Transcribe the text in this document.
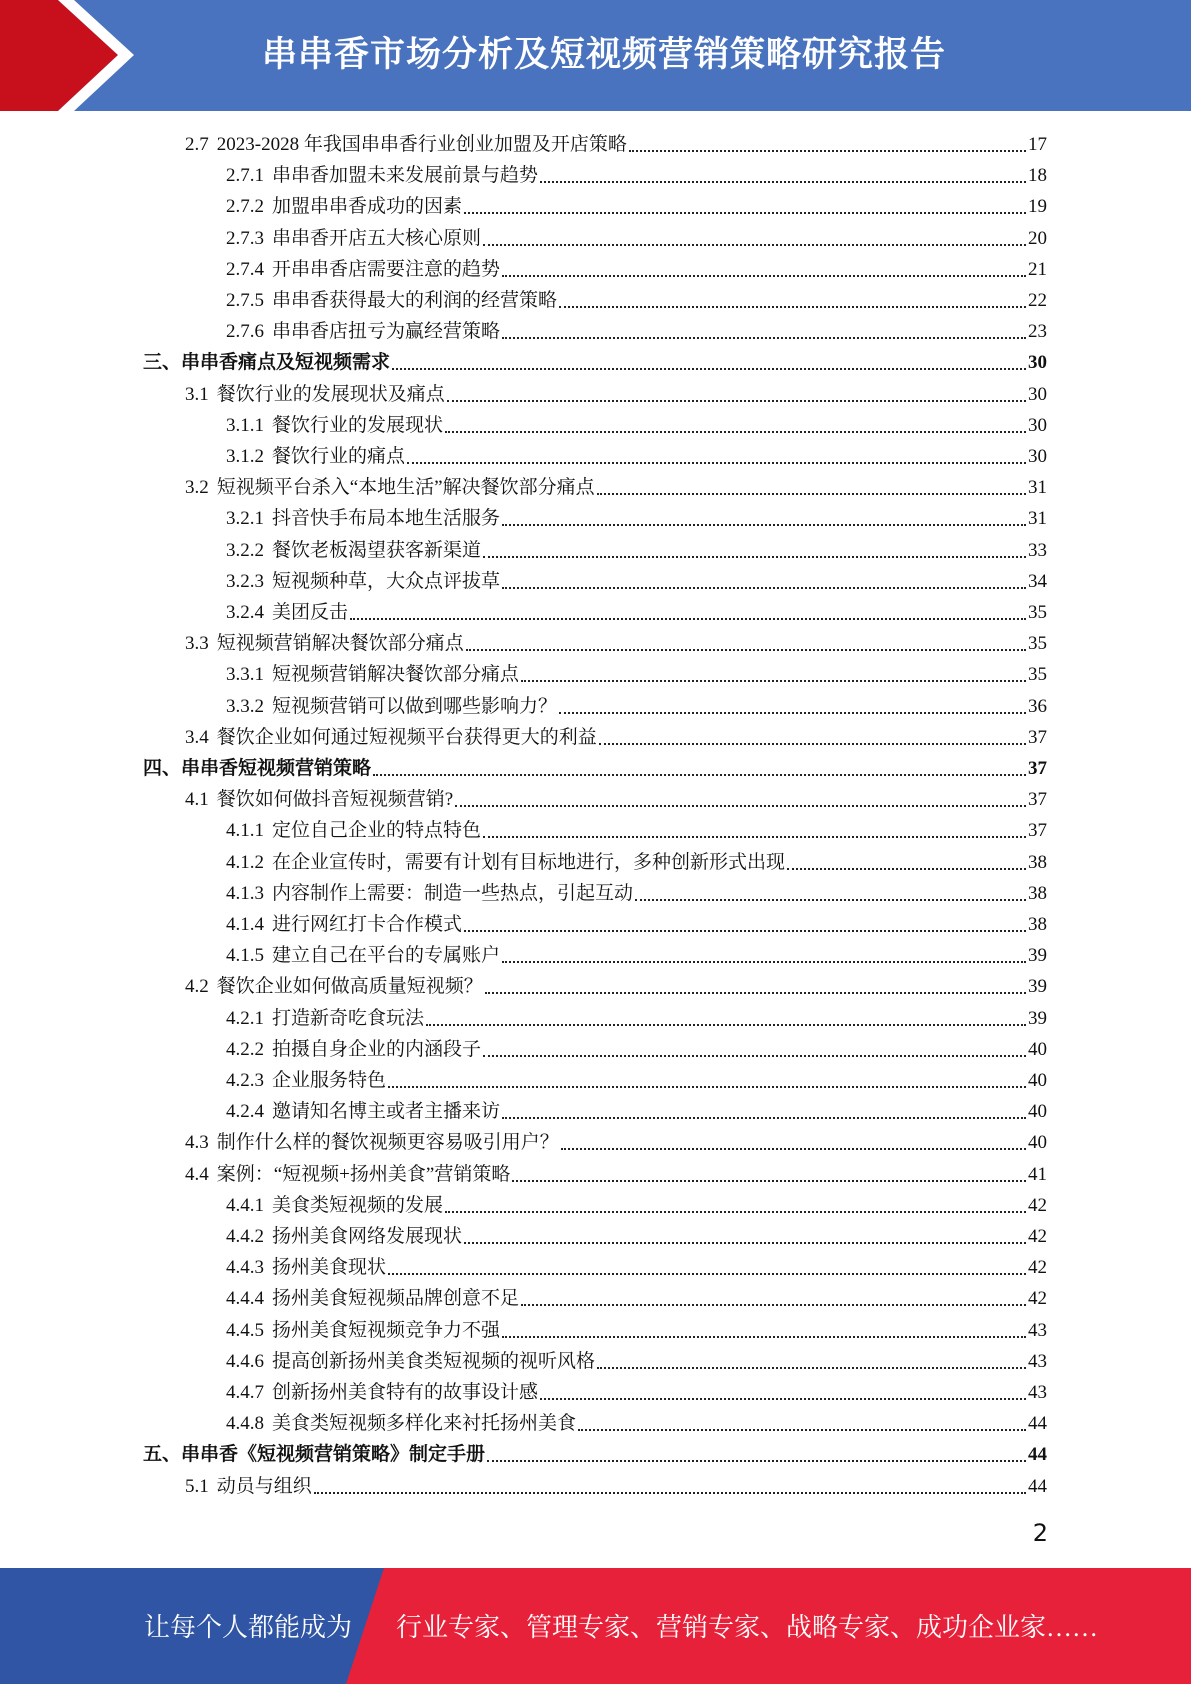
串串香市场分析及短视频营销策略研究报告
2.7 2023-2028 年我国串串香行业创业加盟及开店策略	17
2.7.1 串串香加盟未来发展前景与趋势	18
2.7.2 加盟串串香成功的因素	19
2.7.3 串串香开店五大核心原则	20
2.7.4 开串串香店需要注意的趋势	21
2.7.5 串串香获得最大的利润的经营策略	22
2.7.6 串串香店扭亏为赢经营策略	23
三、串串香痛点及短视频需求	30
3.1 餐饮行业的发展现状及痛点	30
3.1.1 餐饮行业的发展现状	30
3.1.2 餐饮行业的痛点	30
3.2 短视频平台杀入“本地生活”解决餐饮部分痛点	31
3.2.1 抖音快手布局本地生活服务	31
3.2.2 餐饮老板渴望获客新渠道	33
3.2.3 短视频种草，大众点评拔草	34
3.2.4 美团反击	35
3.3 短视频营销解决餐饮部分痛点	35
3.3.1 短视频营销解决餐饮部分痛点	35
3.3.2 短视频营销可以做到哪些影响力？	36
3.4 餐饮企业如何通过短视频平台获得更大的利益	37
四、串串香短视频营销策略	37
4.1 餐饮如何做抖音短视频营销?	37
4.1.1 定位自己企业的特点特色	37
4.1.2 在企业宣传时，需要有计划有目标地进行，多种创新形式出现	38
4.1.3 内容制作上需要：制造一些热点，引起互动	38
4.1.4 进行网红打卡合作模式	38
4.1.5 建立自己在平台的专属账户	39
4.2 餐饮企业如何做高质量短视频？	39
4.2.1 打造新奇吃食玩法	39
4.2.2 拍摄自身企业的内涵段子	40
4.2.3 企业服务特色	40
4.2.4 邀请知名博主或者主播来访	40
4.3 制作什么样的餐饮视频更容易吸引用户？	40
4.4 案例：“短视频+扬州美食”营销策略	41
4.4.1 美食类短视频的发展	42
4.4.2 扬州美食网络发展现状	42
4.4.3 扬州美食现状	42
4.4.4 扬州美食短视频品牌创意不足	42
4.4.5 扬州美食短视频竞争力不强	43
4.4.6 提高创新扬州美食类短视频的视听风格	43
4.4.7 创新扬州美食特有的故事设计感	43
4.4.8 美食类短视频多样化来衬托扬州美食	44
五、串串香《短视频营销策略》制定手册	44
5.1 动员与组织	44
2
让每个人都能成为 行业专家、管理专家、营销专家、战略专家、成功企业家……
